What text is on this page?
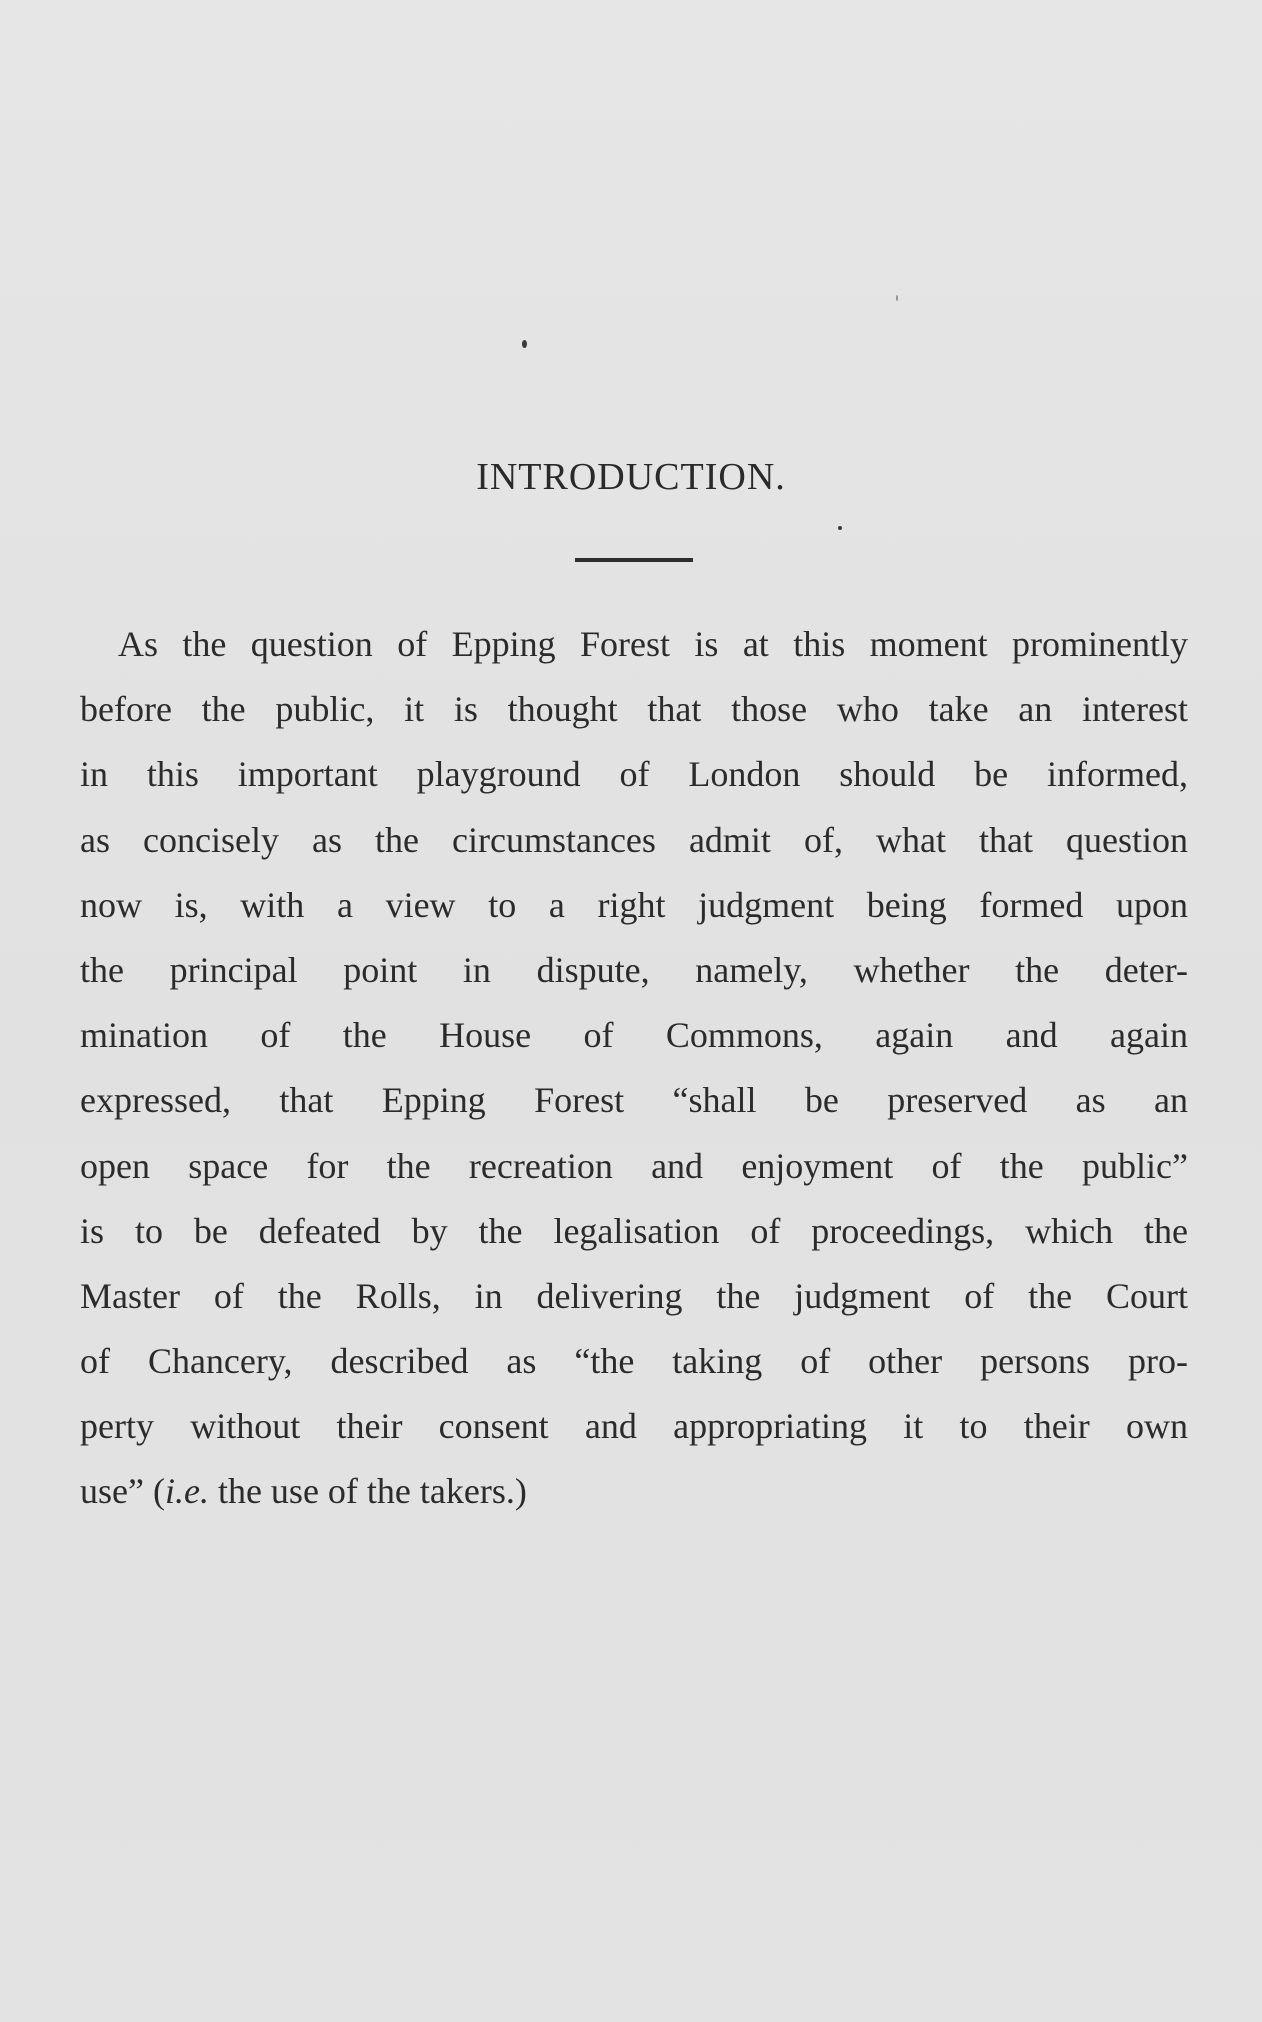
INTRODUCTION.
As the question of Epping Forest is at this moment prominently
before the public, it is thought that those who take an interest
in this important playground of London should be informed,
as concisely as the circumstances admit of, what that question
now is, with a view to a right judgment being formed upon
the principal point in dispute, namely, whether the deter-
mination of the House of Commons, again and again
expressed, that Epping Forest “shall be preserved as an
open space for the recreation and enjoyment of the public”
is to be defeated by the legalisation of proceedings, which the
Master of the Rolls, in delivering the judgment of the Court
of Chancery, described as “the taking of other persons pro-
perty without their consent and appropriating it to their own
use” (i.e. the use of the takers.)
